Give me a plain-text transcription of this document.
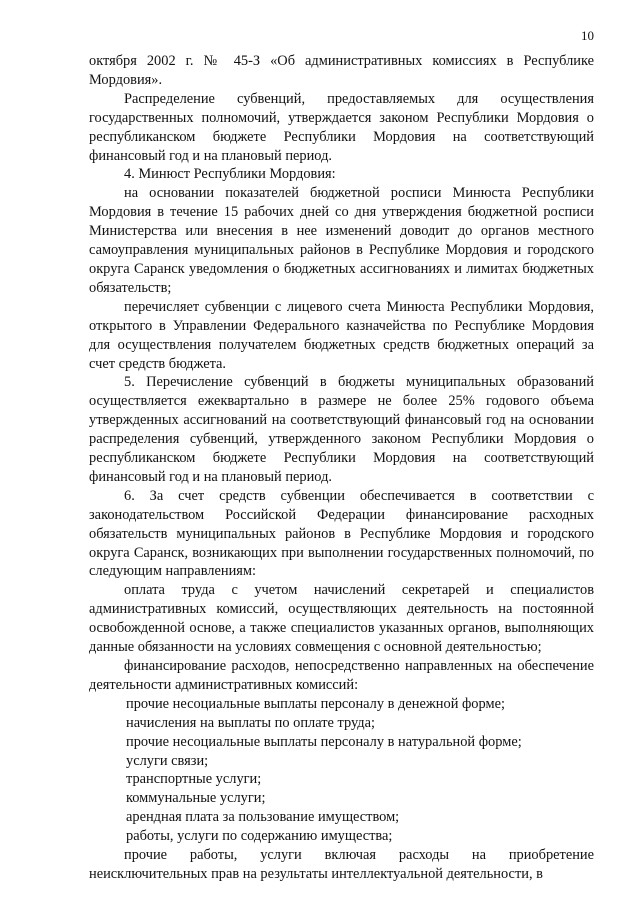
10

октября 2002 г. № 45-З «Об административных комиссиях в Республике Мордовия».

Распределение субвенций, предоставляемых для осуществления государственных полномочий, утверждается законом Республики Мордовия о республиканском бюджете Республики Мордовия на соответствующий финансовый год и на плановый период.

4. Минюст Республики Мордовия:

на основании показателей бюджетной росписи Минюста Республики Мордовия в течение 15 рабочих дней со дня утверждения бюджетной росписи Министерства или внесения в нее изменений доводит до органов местного самоуправления муниципальных районов в Республике Мордовия и городского округа Саранск уведомления о бюджетных ассигнованиях и лимитах бюджетных обязательств;

перечисляет субвенции с лицевого счета Минюста Республики Мордовия, открытого в Управлении Федерального казначейства по Республике Мордовия для осуществления получателем бюджетных средств бюджетных операций за счет средств бюджета.

5. Перечисление субвенций в бюджеты муниципальных образований осуществляется ежеквартально в размере не более 25% годового объема утвержденных ассигнований на соответствующий финансовый год на основании распределения субвенций, утвержденного законом Республики Мордовия о республиканском бюджете Республики Мордовия на соответствующий финансовый год и на плановый период.

6. За счет средств субвенции обеспечивается в соответствии с законодательством Российской Федерации финансирование расходных обязательств муниципальных районов в Республике Мордовия и городского округа Саранск, возникающих при выполнении государственных полномочий, по следующим направлениям:

оплата труда с учетом начислений секретарей и специалистов административных комиссий, осуществляющих деятельность на постоянной освобожденной основе, а также специалистов указанных органов, выполняющих данные обязанности на условиях совмещения с основной деятельностью;

финансирование расходов, непосредственно направленных на обеспечение деятельности административных комиссий:

прочие несоциальные выплаты персоналу в денежной форме;

начисления на выплаты по оплате труда;

прочие несоциальные выплаты персоналу в натуральной форме;

услуги связи;

транспортные услуги;

коммунальные услуги;

арендная плата за пользование имуществом;

работы, услуги по содержанию имущества;

прочие работы, услуги включая расходы на приобретение неисключительных прав на результаты интеллектуальной деятельности, в
